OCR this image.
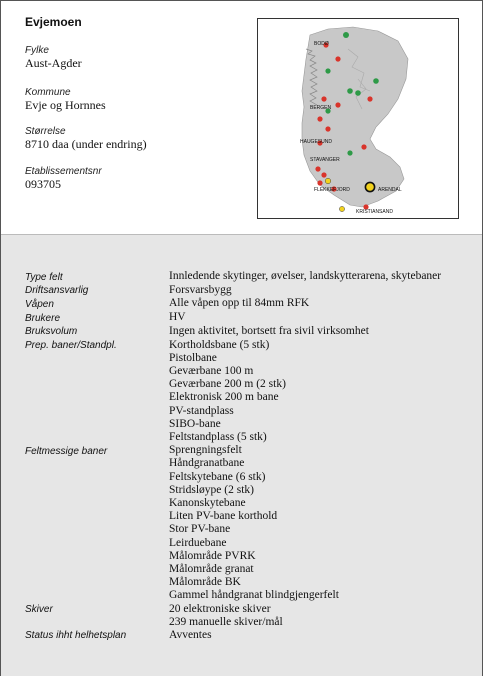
Evjemoen
Fylke
Aust-Agder
Kommune
Evje og Hornnes
Størrelse
8710 daa (under endring)
Etablissementsnr
093705
BODØ
BERGEN
HAUGESUND
STAVANGER
FLEKKEFJORD	ARENDAL
KRISTIANSAND
Type felt	Innledende skytinger, øvelser, landskytterarena, skytebaner
Driftsansvarlig	Forsvarsbygg
Våpen	Alle våpen opp til 84mm RFK
Brukere	HV
Bruksvolum	Ingen aktivitet, bortsett fra sivil virksomhet
Prep. baner/Standpl.	Kortholdsbane (5 stk)
Pistolbane
Geværbane 100 m
Geværbane 200 m (2 stk)
Elektronisk 200 m bane
PV-standplass
SIBO-bane
Feltstandplass (5 stk)
Feltmessige baner	Sprengningsfelt
Håndgranatbane
Feltskytebane (6 stk)
Stridsløype (2 stk)
Kanonskytebane
Liten PV-bane korthold
Stor PV-bane
Leirduebane
Målområde PVRK
Målområde granat
Målområde BK
Gammel håndgranat blindgjengerfelt
Skiver	20 elektroniske skiver
239 manuelle skiver/mål
Status ihht helhetsplan	Avventes
